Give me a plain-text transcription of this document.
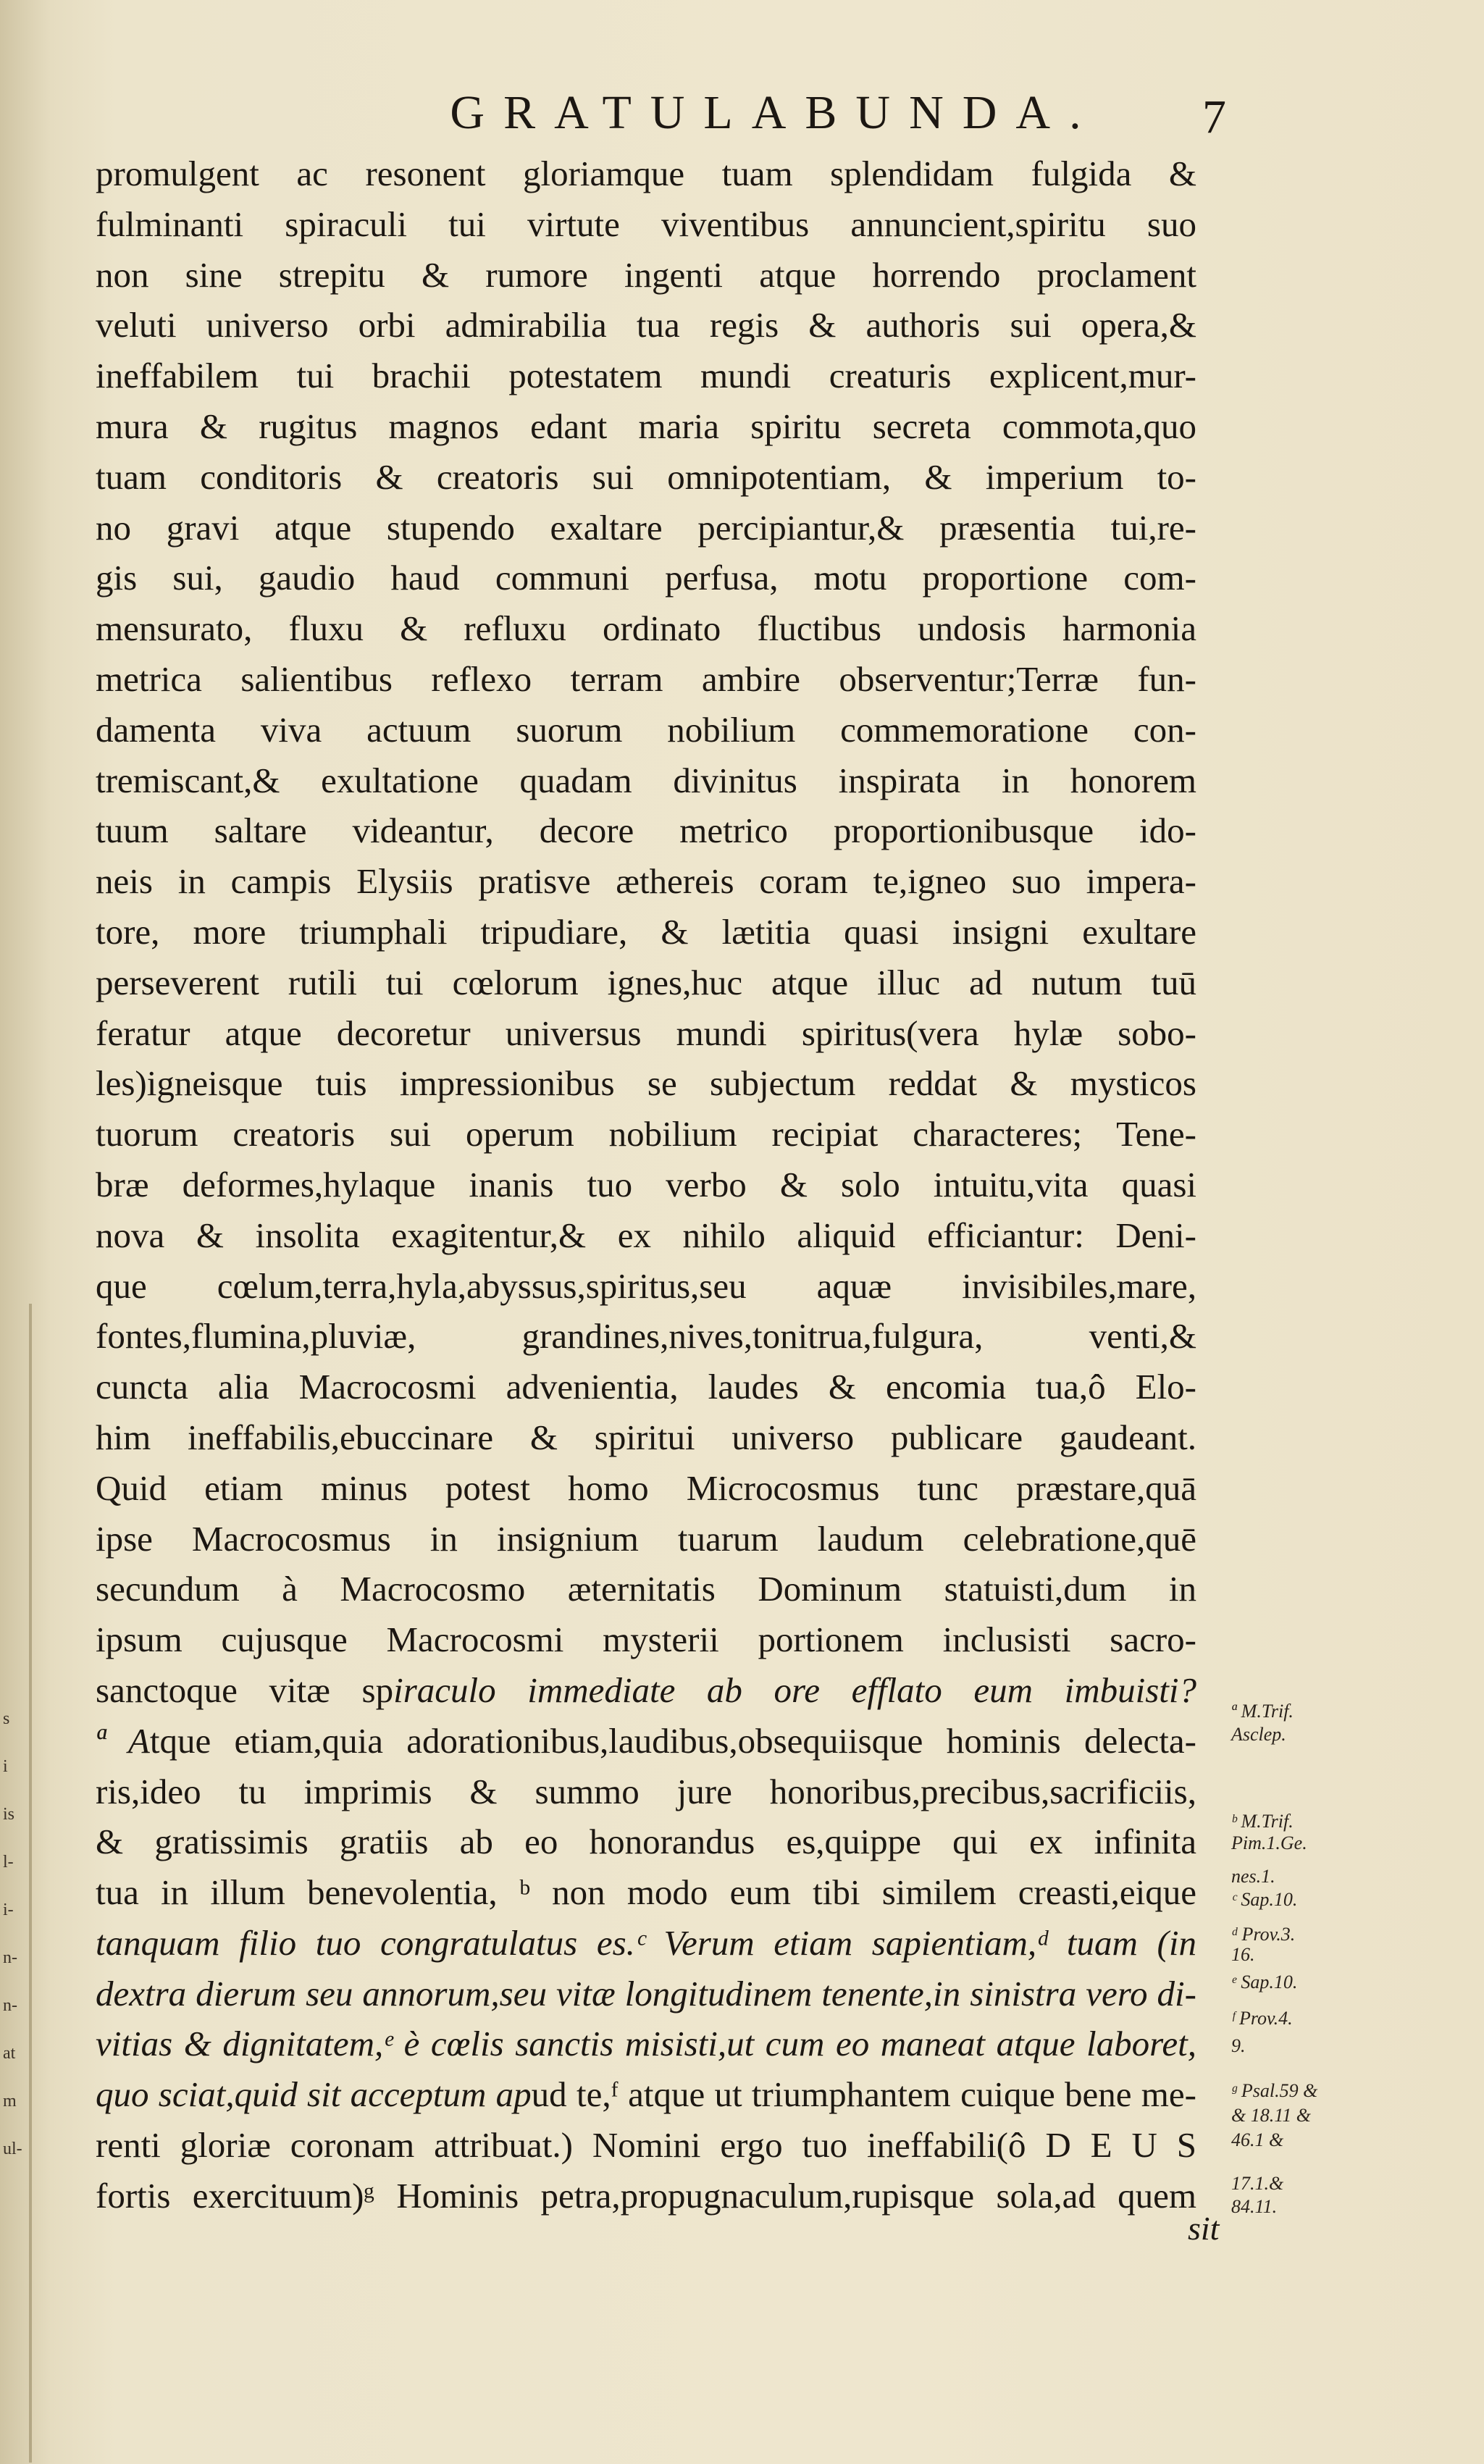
GRATULABUNDA.	7
promulgent ac resonent gloriamque tuam splendidam fulgida &
fulminanti spiraculi tui virtute viventibus annuncient,spiritu suo
non sine strepitu & rumore ingenti atque horrendo proclament
veluti universo orbi admirabilia tua regis & authoris sui opera,&
ineffabilem tui brachii potestatem mundi creaturis explicent,mur-
mura & rugitus magnos edant maria spiritu secreta commota,quo
tuam conditoris & creatoris sui omnipotentiam, & imperium to-
no gravi atque stupendo exaltare percipiantur,& præsentia tui,re-
gis sui, gaudio haud communi perfusa, motu proportione com-
mensurato, fluxu & refluxu ordinato fluctibus undosis harmonia
metrica salientibus reflexo terram ambire observentur;Terræ fun-
damenta viva actuum suorum nobilium commemoratione con-
tremiscant,& exultatione quadam divinitus inspirata in honorem
tuum saltare videantur, decore metrico proportionibusque ido-
neis in campis Elysiis pratisve æthereis coram te,igneo suo impera-
tore, more triumphali tripudiare, & lætitia quasi insigni exultare
perseverent rutili tui cœlorum ignes,huc atque illuc ad nutum tuū
feratur atque decoretur universus mundi spiritus(vera hylæ sobo-
les)igneisque tuis impressionibus se subjectum reddat & mysticos
tuorum creatoris sui operum nobilium recipiat characteres; Tene-
bræ deformes,hylaque inanis tuo verbo & solo intuitu,vita quasi
nova & insolita exagitentur,& ex nihilo aliquid efficiantur: Deni-
que cœlum,terra,hyla,abyssus,spiritus,seu aquæ invisibiles,mare,
fontes,flumina,pluviæ, grandines,nives,tonitrua,fulgura, venti,&
cuncta alia Macrocosmi advenientia, laudes & encomia tua,ô Elo-
him ineffabilis,ebuccinare & spiritui universo publicare gaudeant.
Quid etiam minus potest homo Microcosmus tunc præstare,quā
ipse Macrocosmus in insignium tuarum laudum celebratione,quē
secundum à Macrocosmo æternitatis Dominum statuisti,dum in
ipsum cujusque Macrocosmi mysterii portionem inclusisti sacro-
sanctoque vitæ spiraculo immediate ab ore efflato eum imbuisti?
ª Atque etiam,quia adorationibus,laudibus,obsequiisque hominis delecta-
ris,ideo tu imprimis & summo jure honoribus,precibus,sacrificiis,
& gratissimis gratiis ab eo honorandus es,quippe qui ex infinita
tua in illum benevolentia, ᵇ non modo eum tibi similem creasti,eique
tanquam filio tuo congratulatus es.ᶜ Verum etiam sapientiam,ᵈ tuam (in
dextra dierum seu annorum,seu vitæ longitudinem tenente,in sinistra vero di-
vitias & dignitatem,ᵉ è cœlis sanctis misisti,ut cum eo maneat atque laboret,
quo sciat,quid sit acceptum apud te,ᶠ atque ut triumphantem cuique bene me-
renti gloriæ coronam attribuat.) Nomini ergo tuo ineffabili(ô D E U S
fortis exercituum)ᵍ Hominis petra,propugnaculum,rupisque sola,ad quem
ª M.Trif.
Asclep.
ᵇ M.Trif.
Pim.1.Ge.
nes.1.
ᶜ Sap.10.
ᵈ Prov.3.
16.
ᵉ Sap.10.
ᶠ Prov.4.
9.
ᵍ Psal.59 &
& 18.11 &
46.1 &
17.1.&
84.11.
s
i
is
l-
i-
n-
n-
at
m
ul-
sit
